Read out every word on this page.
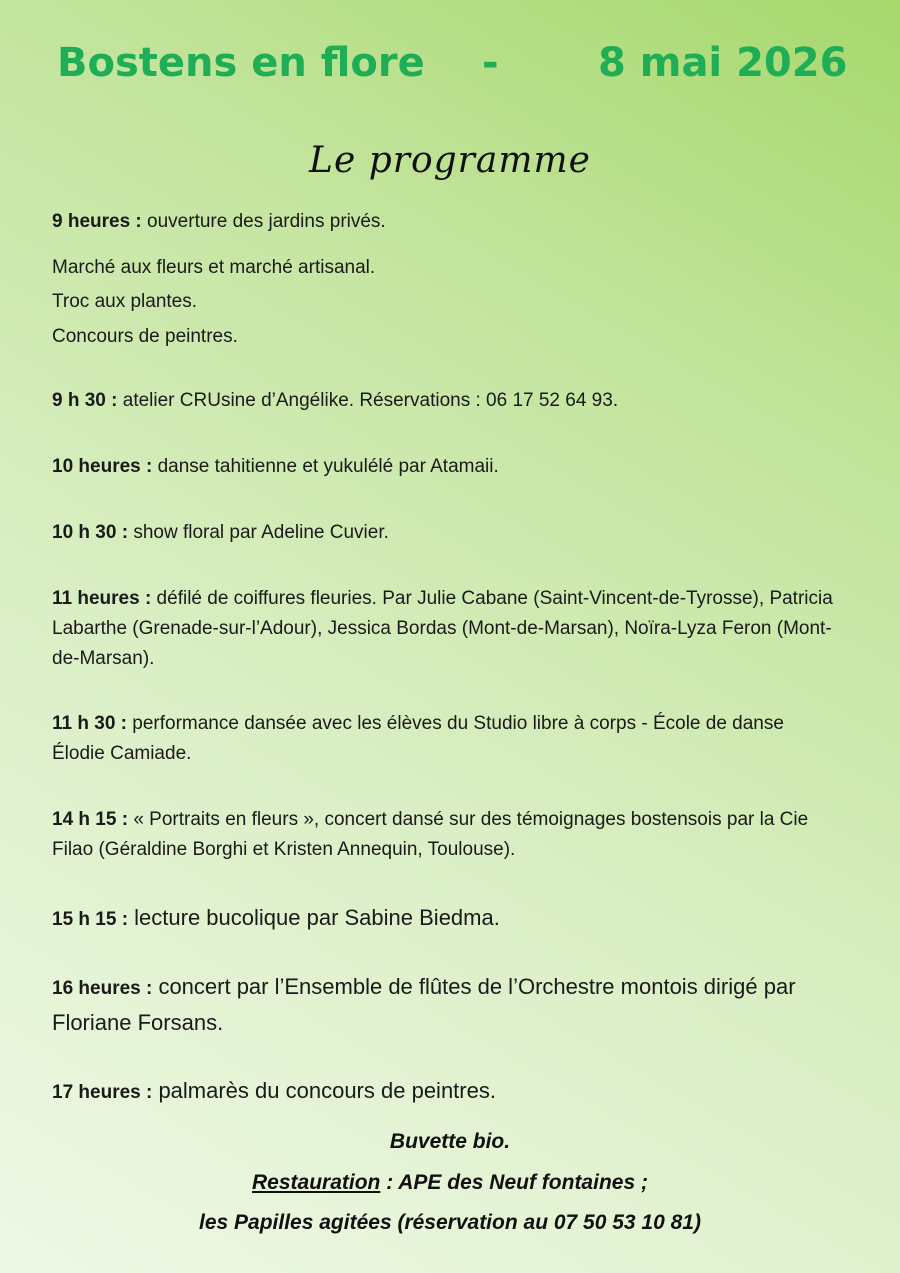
Bostens en flore - 8 mai 2026
Le programme
9 heures : ouverture des jardins privés.
Marché aux fleurs et marché artisanal.
Troc aux plantes.
Concours de peintres.
9 h 30 : atelier CRUsine d’Angélike. Réservations : 06 17 52 64 93.
10 heures : danse tahitienne et yukulélé par Atamaii.
10 h 30 : show floral par Adeline Cuvier.
11 heures : défilé de coiffures fleuries. Par Julie Cabane (Saint-Vincent-de-Tyrosse), Patricia Labarthe (Grenade-sur-l’Adour), Jessica Bordas (Mont-de-Marsan), Noïra-Lyza Feron (Mont-de-Marsan).
11 h 30 : performance dansée avec les élèves du Studio libre à corps - École de danse Élodie Camiade.
14 h 15 : « Portraits en fleurs », concert dansé sur des témoignages bostensois par la Cie Filao (Géraldine Borghi et Kristen Annequin, Toulouse).
15 h 15 : lecture bucolique par Sabine Biedma.
16 heures : concert par l’Ensemble de flûtes de l’Orchestre montois dirigé par Floriane Forsans.
17 heures : palmarès du concours de peintres.
Buvette bio.
Restauration : APE des Neuf fontaines ;
les Papilles agitées (réservation au 07 50 53 10 81)
